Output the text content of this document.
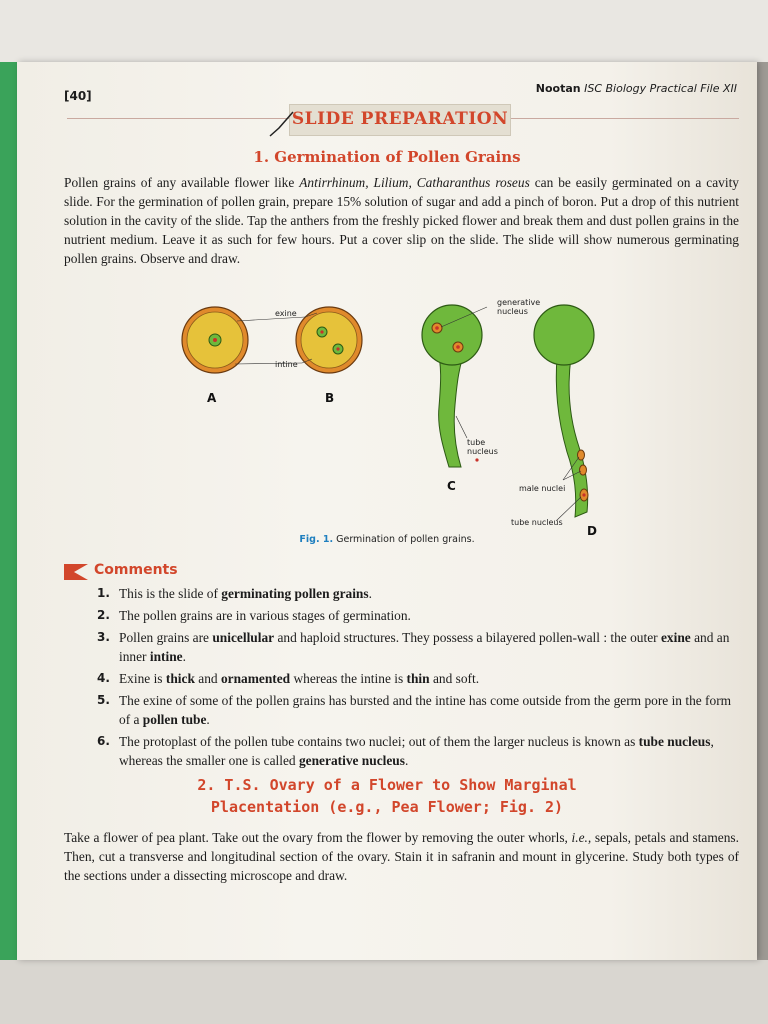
[40]
Nootan ISC Biology Practical File XII
SLIDE PREPARATION
1. Germination of Pollen Grains
Pollen grains of any available flower like Antirrhinum, Lilium, Catharanthus roseus can be easily germinated on a cavity slide. For the germination of pollen grain, prepare 15% solution of sugar and add a pinch of boron. Put a drop of this nutrient solution in the cavity of the slide. Tap the anthers from the freshly picked flower and break them and dust pollen grains in the nutrient medium. Leave it as such for few hours. Put a cover slip on the slide. The slide will show numerous germinating pollen grains. Observe and draw.
exine
intine
generative
nucleus
tube
nucleus
male nuclei
tube nucleus
A	B
C
D
Fig. 1. Germination of pollen grains.
Comments
1. This is the slide of germinating pollen grains.
2. The pollen grains are in various stages of germination.
3. Pollen grains are unicellular and haploid structures. They possess a bilayered pollen-wall : the outer exine and an inner intine.
4. Exine is thick and ornamented whereas the intine is thin and soft.
5. The exine of some of the pollen grains has bursted and the intine has come outside from the germ pore in the form of a pollen tube.
6. The protoplast of the pollen tube contains two nuclei; out of them the larger nucleus is known as tube nucleus, whereas the smaller one is called generative nucleus.
2. T.S. Ovary of a Flower to Show Marginal
Placentation (e.g., Pea Flower; Fig. 2)
Take a flower of pea plant. Take out the ovary from the flower by removing the outer whorls, i.e., sepals, petals and stamens. Then, cut a transverse and longitudinal section of the ovary. Stain it in safranin and mount in glycerine. Study both types of the sections under a dissecting microscope and draw.
